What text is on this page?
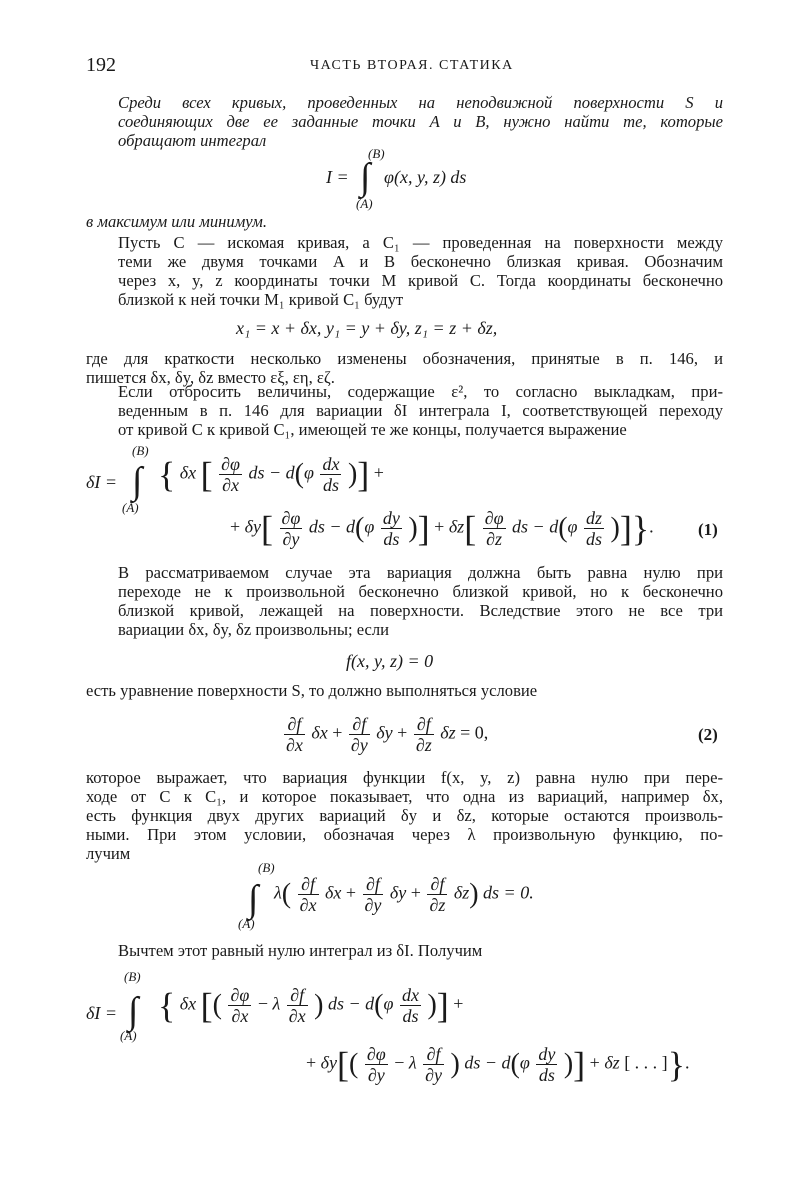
192	ЧАСТЬ ВТОРАЯ. СТАТИКА
Среди всех кривых, проведенных на неподвижной поверхности S и
соединяющих две ее заданные точки A и B, нужно найти те, которые
обращают интеграл
(B)
I = ∫ φ(x, y, z) ds
(A)
в максимум или минимум.
Пусть C — искомая кривая, а C₁ — проведенная на поверхности между
теми же двумя точками A и B бесконечно близкая кривая. Обозначим
через x, y, z координаты точки M кривой C. Тогда координаты бесконечно
близкой к ней точки M₁ кривой C₁ будут
x₁ = x + δx, y₁ = y + δy, z₁ = z + δz,
где для краткости несколько изменены обозначения, принятые в п. 146, и
пишется δx, δy, δz вместо εξ, εη, εζ.
Если отбросить величины, содержащие ε², то согласно выкладкам, при-
веденным в п. 146 для вариации δI интеграла I, соответствующей переходу
от кривой C к кривой C₁, имеющей те же концы, получается выражение
(B)
δI = ∫
(A)
{ δx [ $\frac{\partial\varphi}{\partial x}$ ds − $d(\varphi \frac{dx}{ds}$ )] +
+ $\delta y[ \frac{\partial\varphi}{\partial y}$ ds − $d(\varphi \frac{dy}{ds}$ )] + $\delta z[ \frac{\partial\varphi}{\partial z}$ ds − $d(\varphi \frac{dz}{ds}$ )]}.	(1)
В рассматриваемом случае эта вариация должна быть равна нулю при
переходе не к произвольной бесконечно близкой кривой, но к бесконечно
близкой кривой, лежащей на поверхности. Вследствие этого не все три
вариации δx, δy, δz произвольны; если
f(x, y, z) = 0
есть уравнение поверхности S, то должно выполняться условие
$\frac{\partial f}{\partial x}$ $\delta x + \frac{\partial f}{\partial y}$ $\delta y + \frac{\partial f}{\partial z}$ δz = 0,	(2)
которое выражает, что вариация функции f(x, y, z) равна нулю при пере-
ходе от C к C₁, и которое показывает, что одна из вариаций, например δx,
есть функция двух других вариаций δy и δz, которые остаются произволь-
ными. При этом условии, обозначая через λ произвольную функцию, по-
лучим
(B)
∫
(A)
$\lambda( \frac{\partial f}{\partial x}$ $\delta x + \frac{\partial f}{\partial y}$ $\delta y + \frac{\partial f}{\partial z} \delta z$) ds = 0.
Вычтем этот равный нулю интеграл из δI. Получим
(B)
δI = ∫
(A)
{ δx [( $\frac{\partial\varphi}{\partial x} - \lambda \frac{\partial f}{\partial x}$ ) ds − $d(\varphi \frac{dx}{ds}$ )] +
+ $\delta y[( \frac{\partial\varphi}{\partial y} - \lambda \frac{\partial f}{\partial y}$ ) ds − $d(\varphi \frac{dy}{ds}$ )] + δz [ . . . ]}.
